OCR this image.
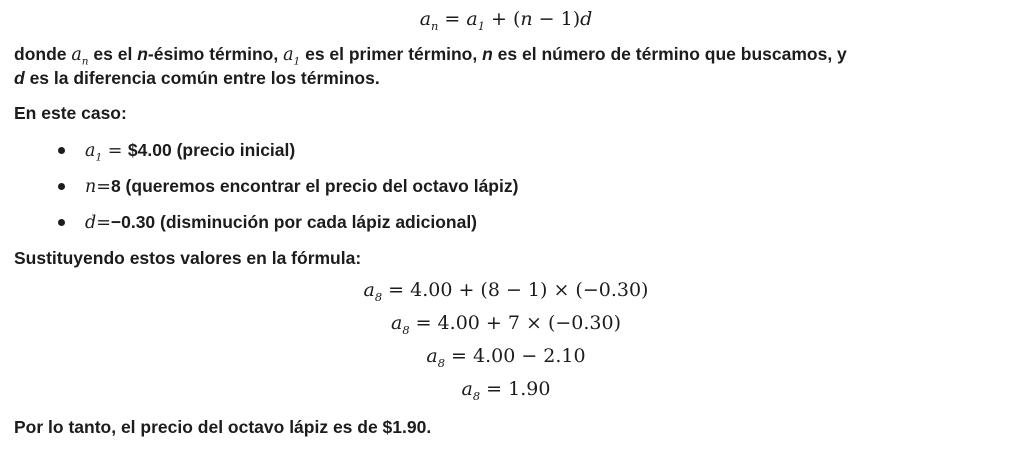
$a_n = a_1 + (n - 1)d$

donde $a_n$ es el n-ésimo término, $a_1$ es el primer término, n es el número de término que buscamos, y
d es la diferencia común entre los términos.

En este caso:

$a_1$ = $4.00 (precio inicial)
n=8 (queremos encontrar el precio del octavo lápiz)
d=−0.30 (disminución por cada lápiz adicional)

Sustituyendo estos valores en la fórmula:

$a_8 = 4.00 + (8 - 1) \times (-0.30)$
$a_8 = 4.00 + 7 \times (-0.30)$
$a_8 = 4.00 - 2.10$
$a_8 = 1.90$

Por lo tanto, el precio del octavo lápiz es de $1.90.
